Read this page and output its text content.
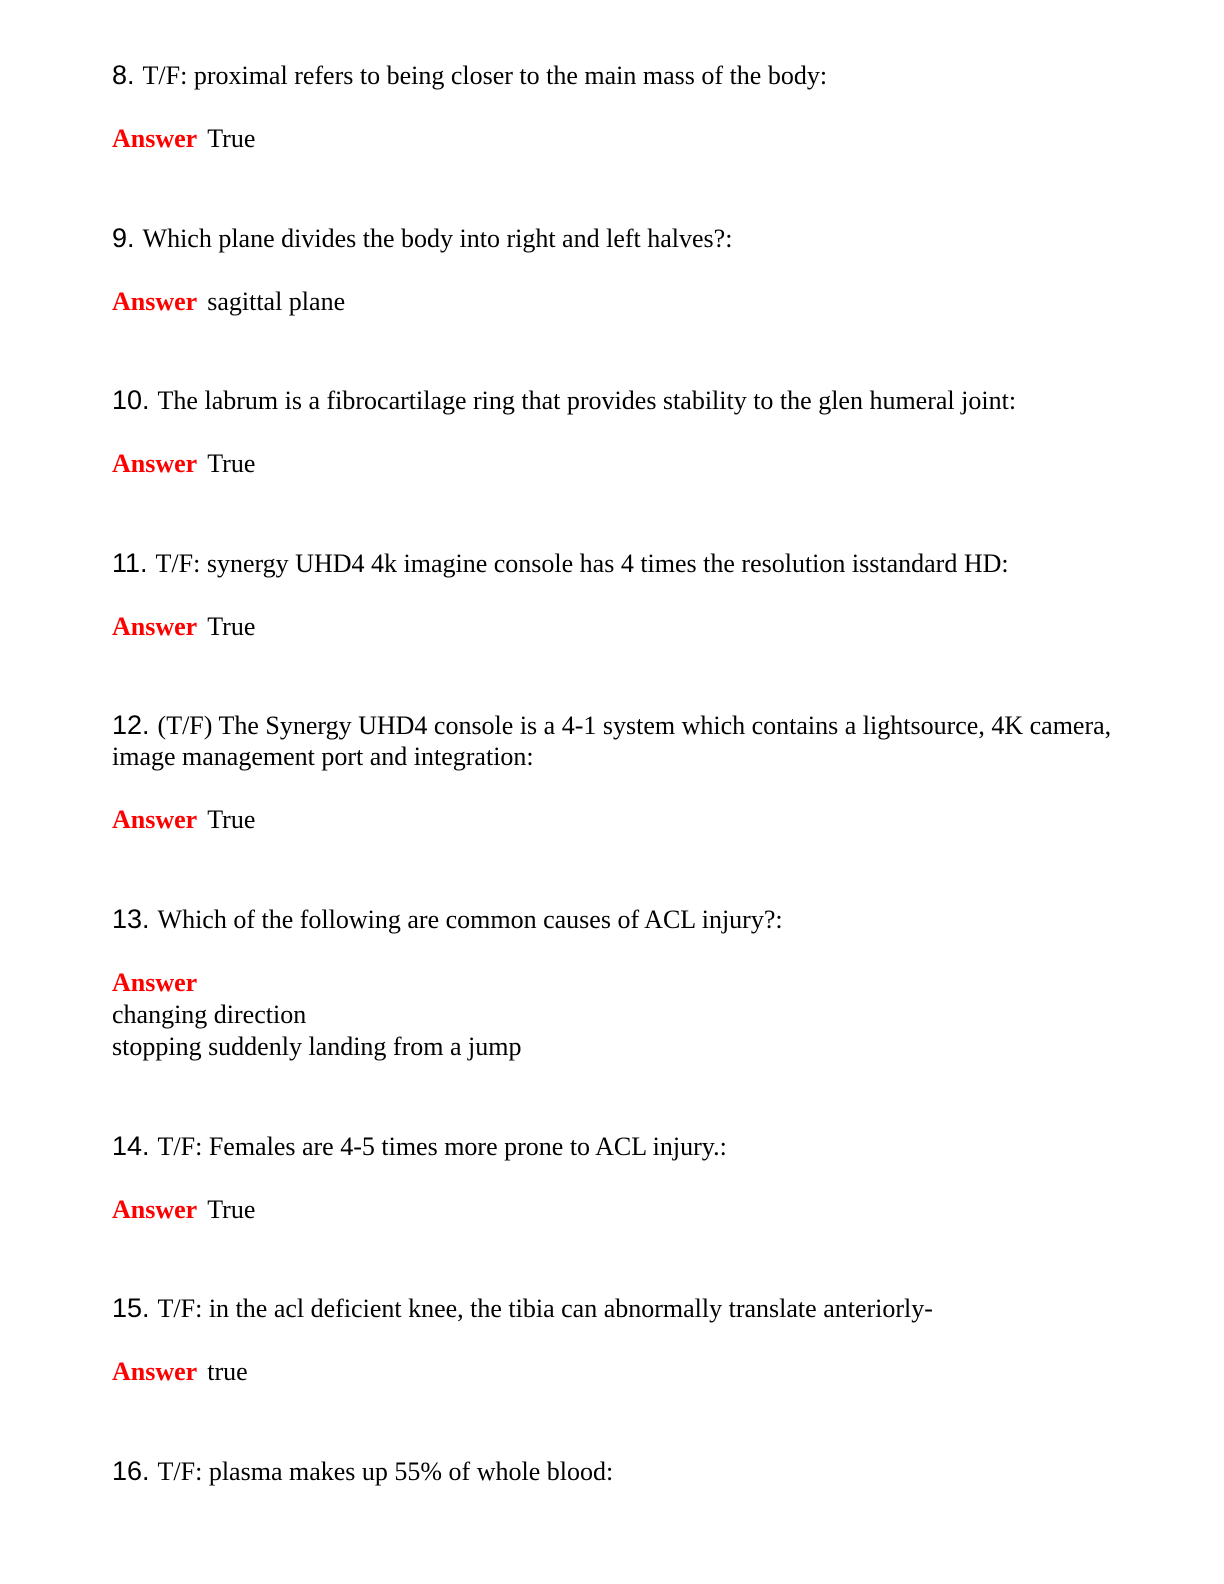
8. T/F: proximal refers to being closer to the main mass of the body:
Answer True
9. Which plane divides the body into right and left halves?:
Answer sagittal plane
10. The labrum is a fibrocartilage ring that provides stability to the glen humeral joint:
Answer True
11. T/F: synergy UHD4 4k imagine console has 4 times the resolution isstandard HD:
Answer True
12. (T/F) The Synergy UHD4 console is a 4-1 system which contains a lightsource, 4K camera, image management port and integration:
Answer True
13. Which of the following are common causes of ACL injury?:
Answer
changing direction
stopping suddenly landing from a jump
14. T/F: Females are 4-5 times more prone to ACL injury.:
Answer True
15. T/F: in the acl deficient knee, the tibia can abnormally translate anteriorly-
Answer true
16. T/F: plasma makes up 55% of whole blood:
